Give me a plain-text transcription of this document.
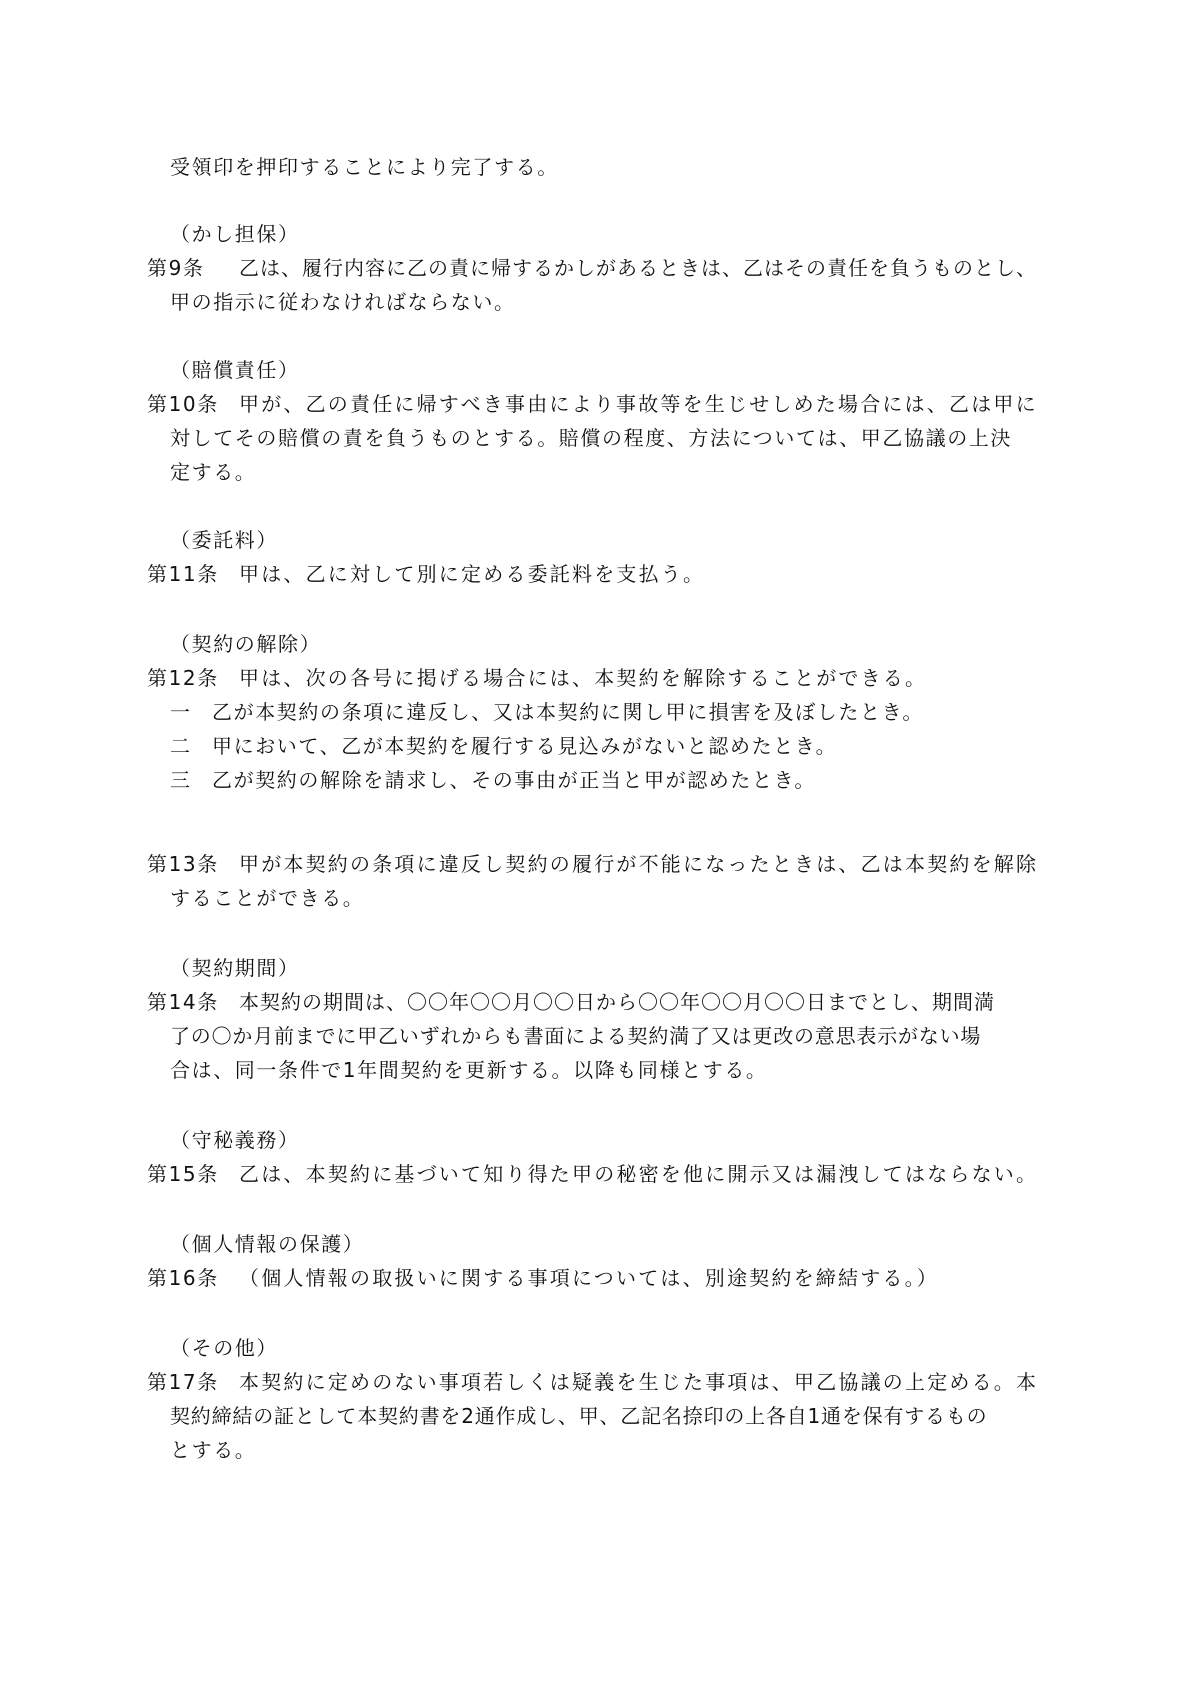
受領印を押印することにより完了する。
（かし担保）
第9条 乙は、履行内容に乙の責に帰するかしがあるときは、乙はその責任を負うものとし、
甲の指示に従わなければならない。
（賠償責任）
第10条 甲が、乙の責任に帰すべき事由により事故等を生じせしめた場合には、乙は甲に
対してその賠償の責を負うものとする。賠償の程度、方法については、甲乙協議の上決
定する。
（委託料）
第11条 甲は、乙に対して別に定める委託料を支払う。
（契約の解除）
第12条 甲は、次の各号に掲げる場合には、本契約を解除することができる。
一 乙が本契約の条項に違反し、又は本契約に関し甲に損害を及ぼしたとき。
二 甲において、乙が本契約を履行する見込みがないと認めたとき。
三 乙が契約の解除を請求し、その事由が正当と甲が認めたとき。
第13条 甲が本契約の条項に違反し契約の履行が不能になったときは、乙は本契約を解除
することができる。
（契約期間）
第14条 本契約の期間は、〇〇年〇〇月〇〇日から〇〇年〇〇月〇〇日までとし、期間満
了の〇か月前までに甲乙いずれからも書面による契約満了又は更改の意思表示がない場
合は、同一条件で1年間契約を更新する。以降も同様とする。
（守秘義務）
第15条 乙は、本契約に基づいて知り得た甲の秘密を他に開示又は漏洩してはならない。
（個人情報の保護）
第16条 （個人情報の取扱いに関する事項については、別途契約を締結する。）
（その他）
第17条 本契約に定めのない事項若しくは疑義を生じた事項は、甲乙協議の上定める。本
契約締結の証として本契約書を2通作成し、甲、乙記名捺印の上各自1通を保有するもの
とする。
